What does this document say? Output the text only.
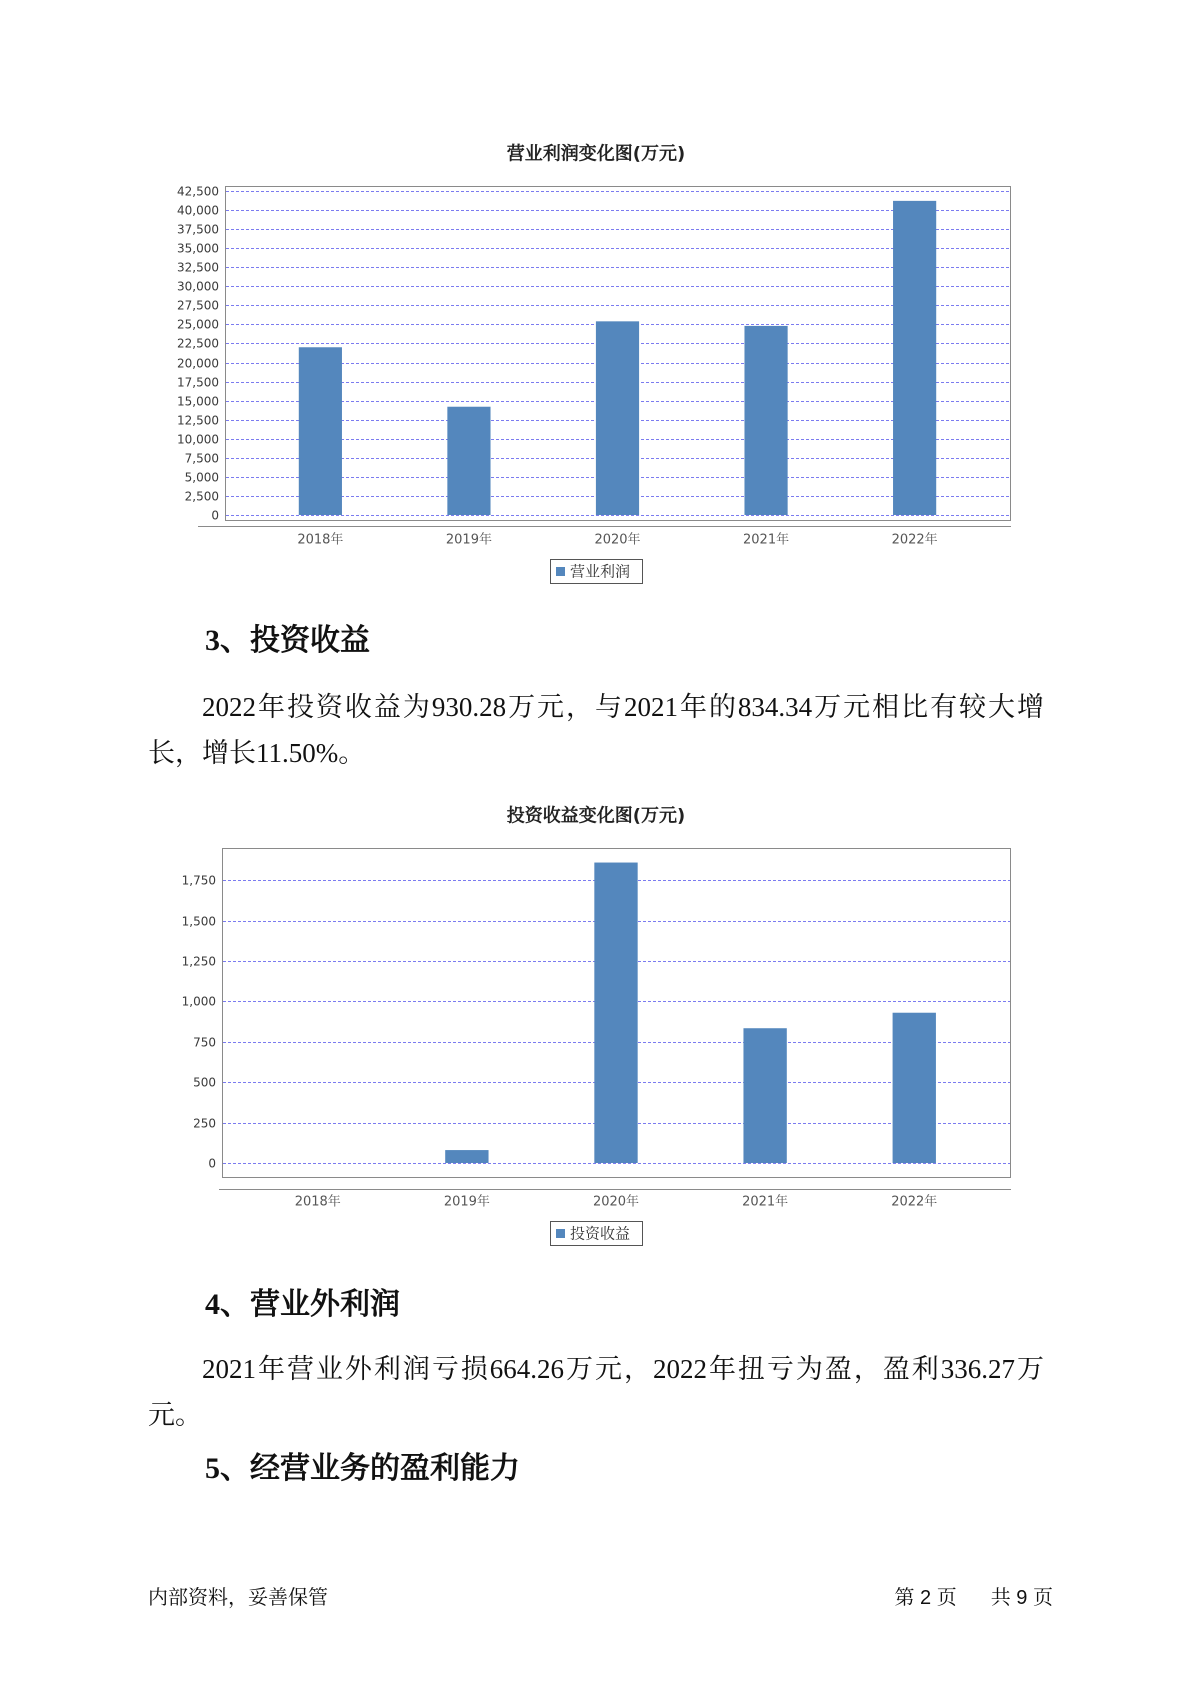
营业利润变化图(万元)
0
2,500
5,000
7,500
10,000
12,500
15,000
17,500
20,000
22,500
25,000
27,500
30,000
32,500
35,000
37,500
40,000
42,500
2018年	2019年	2020年	2021年	2022年
营业利润
3、投资收益

2022年投资收益为930.28万元，与2021年的834.34万元相比有较大增长，增长11.50%。

投资收益变化图(万元)
0
250
500
750
1,000
1,250
1,500
1,750
2018年	2019年	2020年	2021年	2022年
投资收益
4、营业外利润

2021年营业外利润亏损664.26万元，2022年扭亏为盈，盈利336.27万元。

5、经营业务的盈利能力
内部资料，妥善保管	第 2 页 共 9 页
